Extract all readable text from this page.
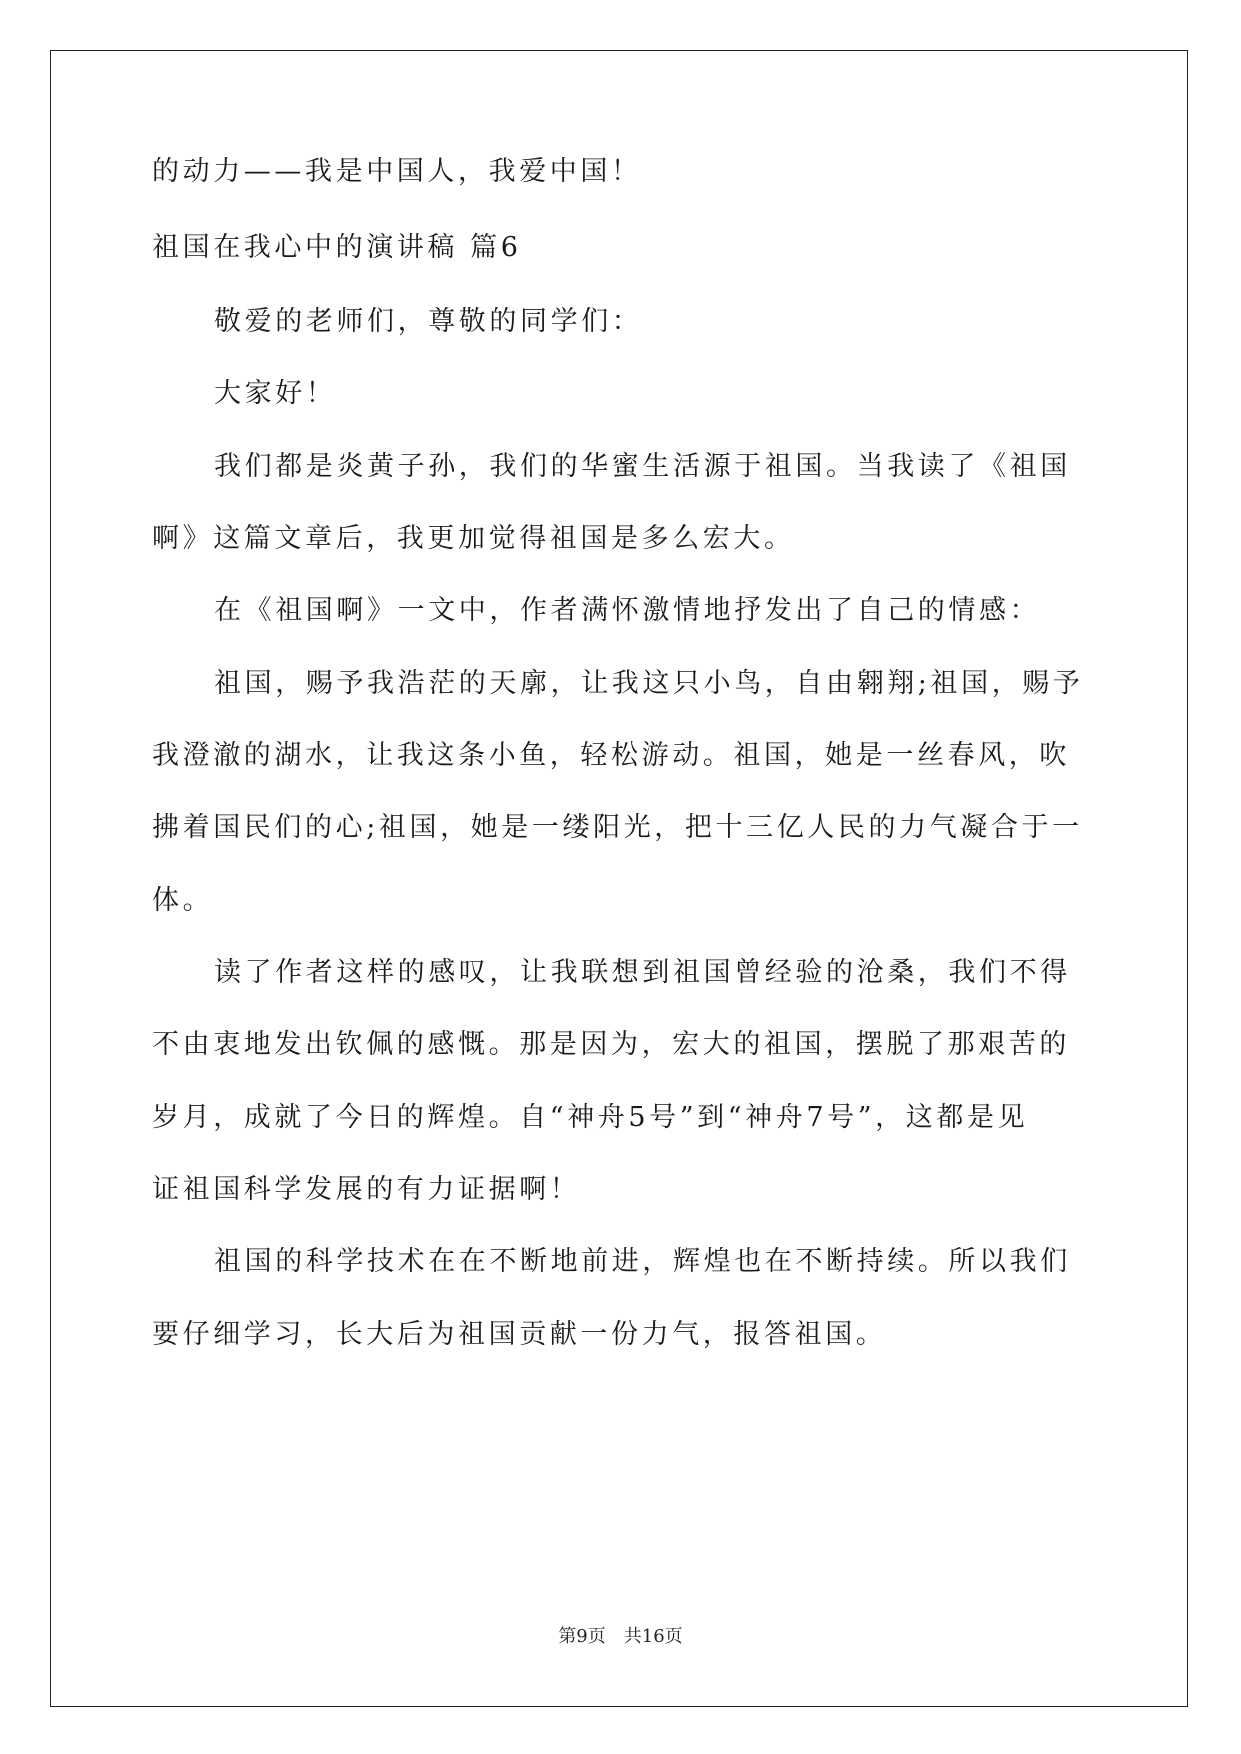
的动力——我是中国人，我爱中国！
祖国在我心中的演讲稿 篇6
敬爱的老师们，尊敬的同学们：
大家好！
我们都是炎黄子孙，我们的华蜜生活源于祖国。当我读了《祖国
啊》这篇文章后，我更加觉得祖国是多么宏大。
在《祖国啊》一文中，作者满怀激情地抒发出了自己的情感：
祖国，赐予我浩茫的天廓，让我这只小鸟，自由翱翔;祖国，赐予
我澄澈的湖水，让我这条小鱼，轻松游动。祖国，她是一丝春风，吹
拂着国民们的心;祖国，她是一缕阳光，把十三亿人民的力气凝合于一
体。
读了作者这样的感叹，让我联想到祖国曾经验的沧桑，我们不得
不由衷地发出钦佩的感慨。那是因为，宏大的祖国，摆脱了那艰苦的
岁月，成就了今日的辉煌。自“神舟5号”到“神舟7号”，这都是见
证祖国科学发展的有力证据啊！
祖国的科学技术在在不断地前进，辉煌也在不断持续。所以我们
要仔细学习，长大后为祖国贡献一份力气，报答祖国。
第9页 共16页
